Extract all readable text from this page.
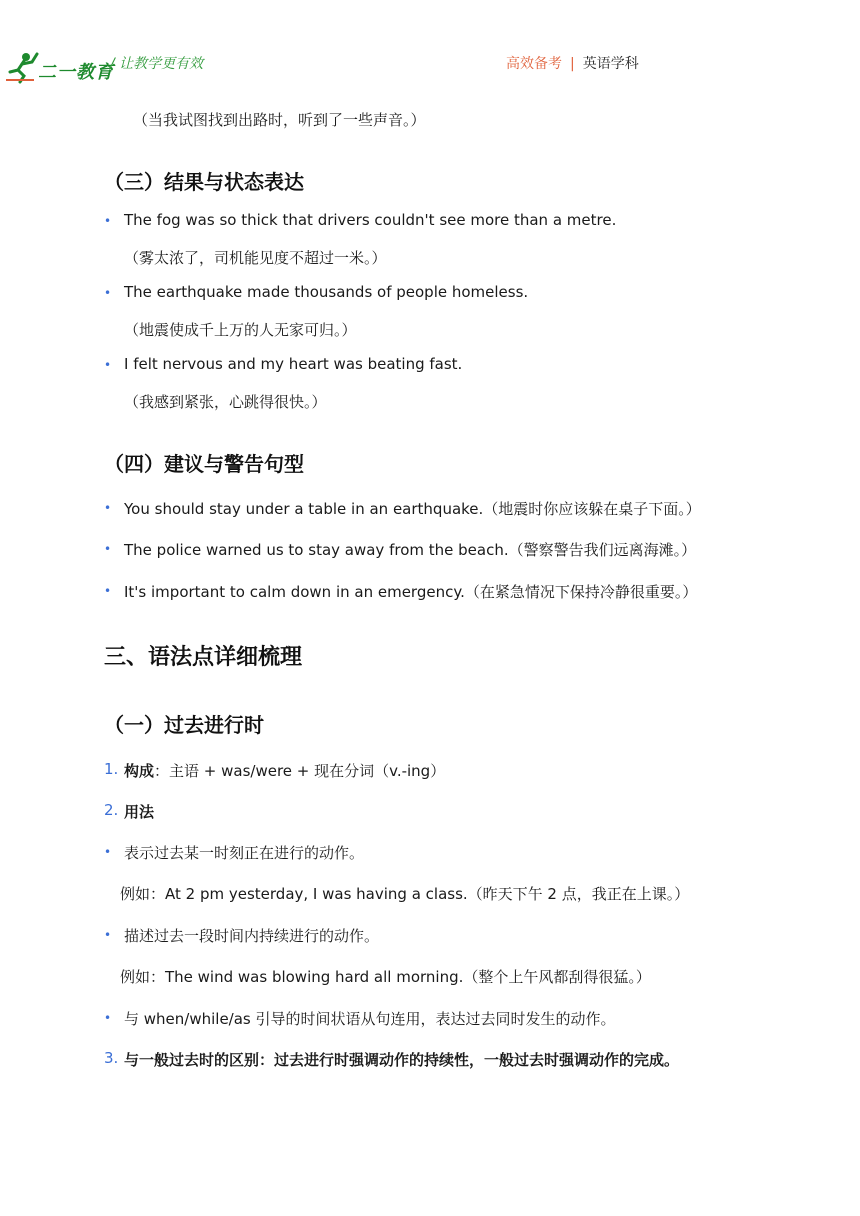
二一教育
/ 让教学更有效	高效备考 | 英语学科
（当我试图找到出路时，听到了一些声音。）
（三）结果与状态表达
• The fog was so thick that drivers couldn't see more than a metre.
（雾太浓了，司机能见度不超过一米。）
• The earthquake made thousands of people homeless.
（地震使成千上万的人无家可归。）
• I felt nervous and my heart was beating fast.
（我感到紧张，心跳得很快。）
（四）建议与警告句型
• You should stay under a table in an earthquake.（地震时你应该躲在桌子下面。）
• The police warned us to stay away from the beach.（警察警告我们远离海滩。）
• It's important to calm down in an emergency.（在紧急情况下保持冷静很重要。）
三、语法点详细梳理
（一）过去进行时
1. 构成：主语 + was/were + 现在分词（v.-ing）
2. 用法
• 表示过去某一时刻正在进行的动作。
例如：At 2 pm yesterday, I was having a class.（昨天下午 2 点，我正在上课。）
• 描述过去一段时间内持续进行的动作。
例如：The wind was blowing hard all morning.（整个上午风都刮得很猛。）
• 与 when/while/as 引导的时间状语从句连用，表达过去同时发生的动作。
3. 与一般过去时的区别：过去进行时强调动作的持续性，一般过去时强调动作的完成。
